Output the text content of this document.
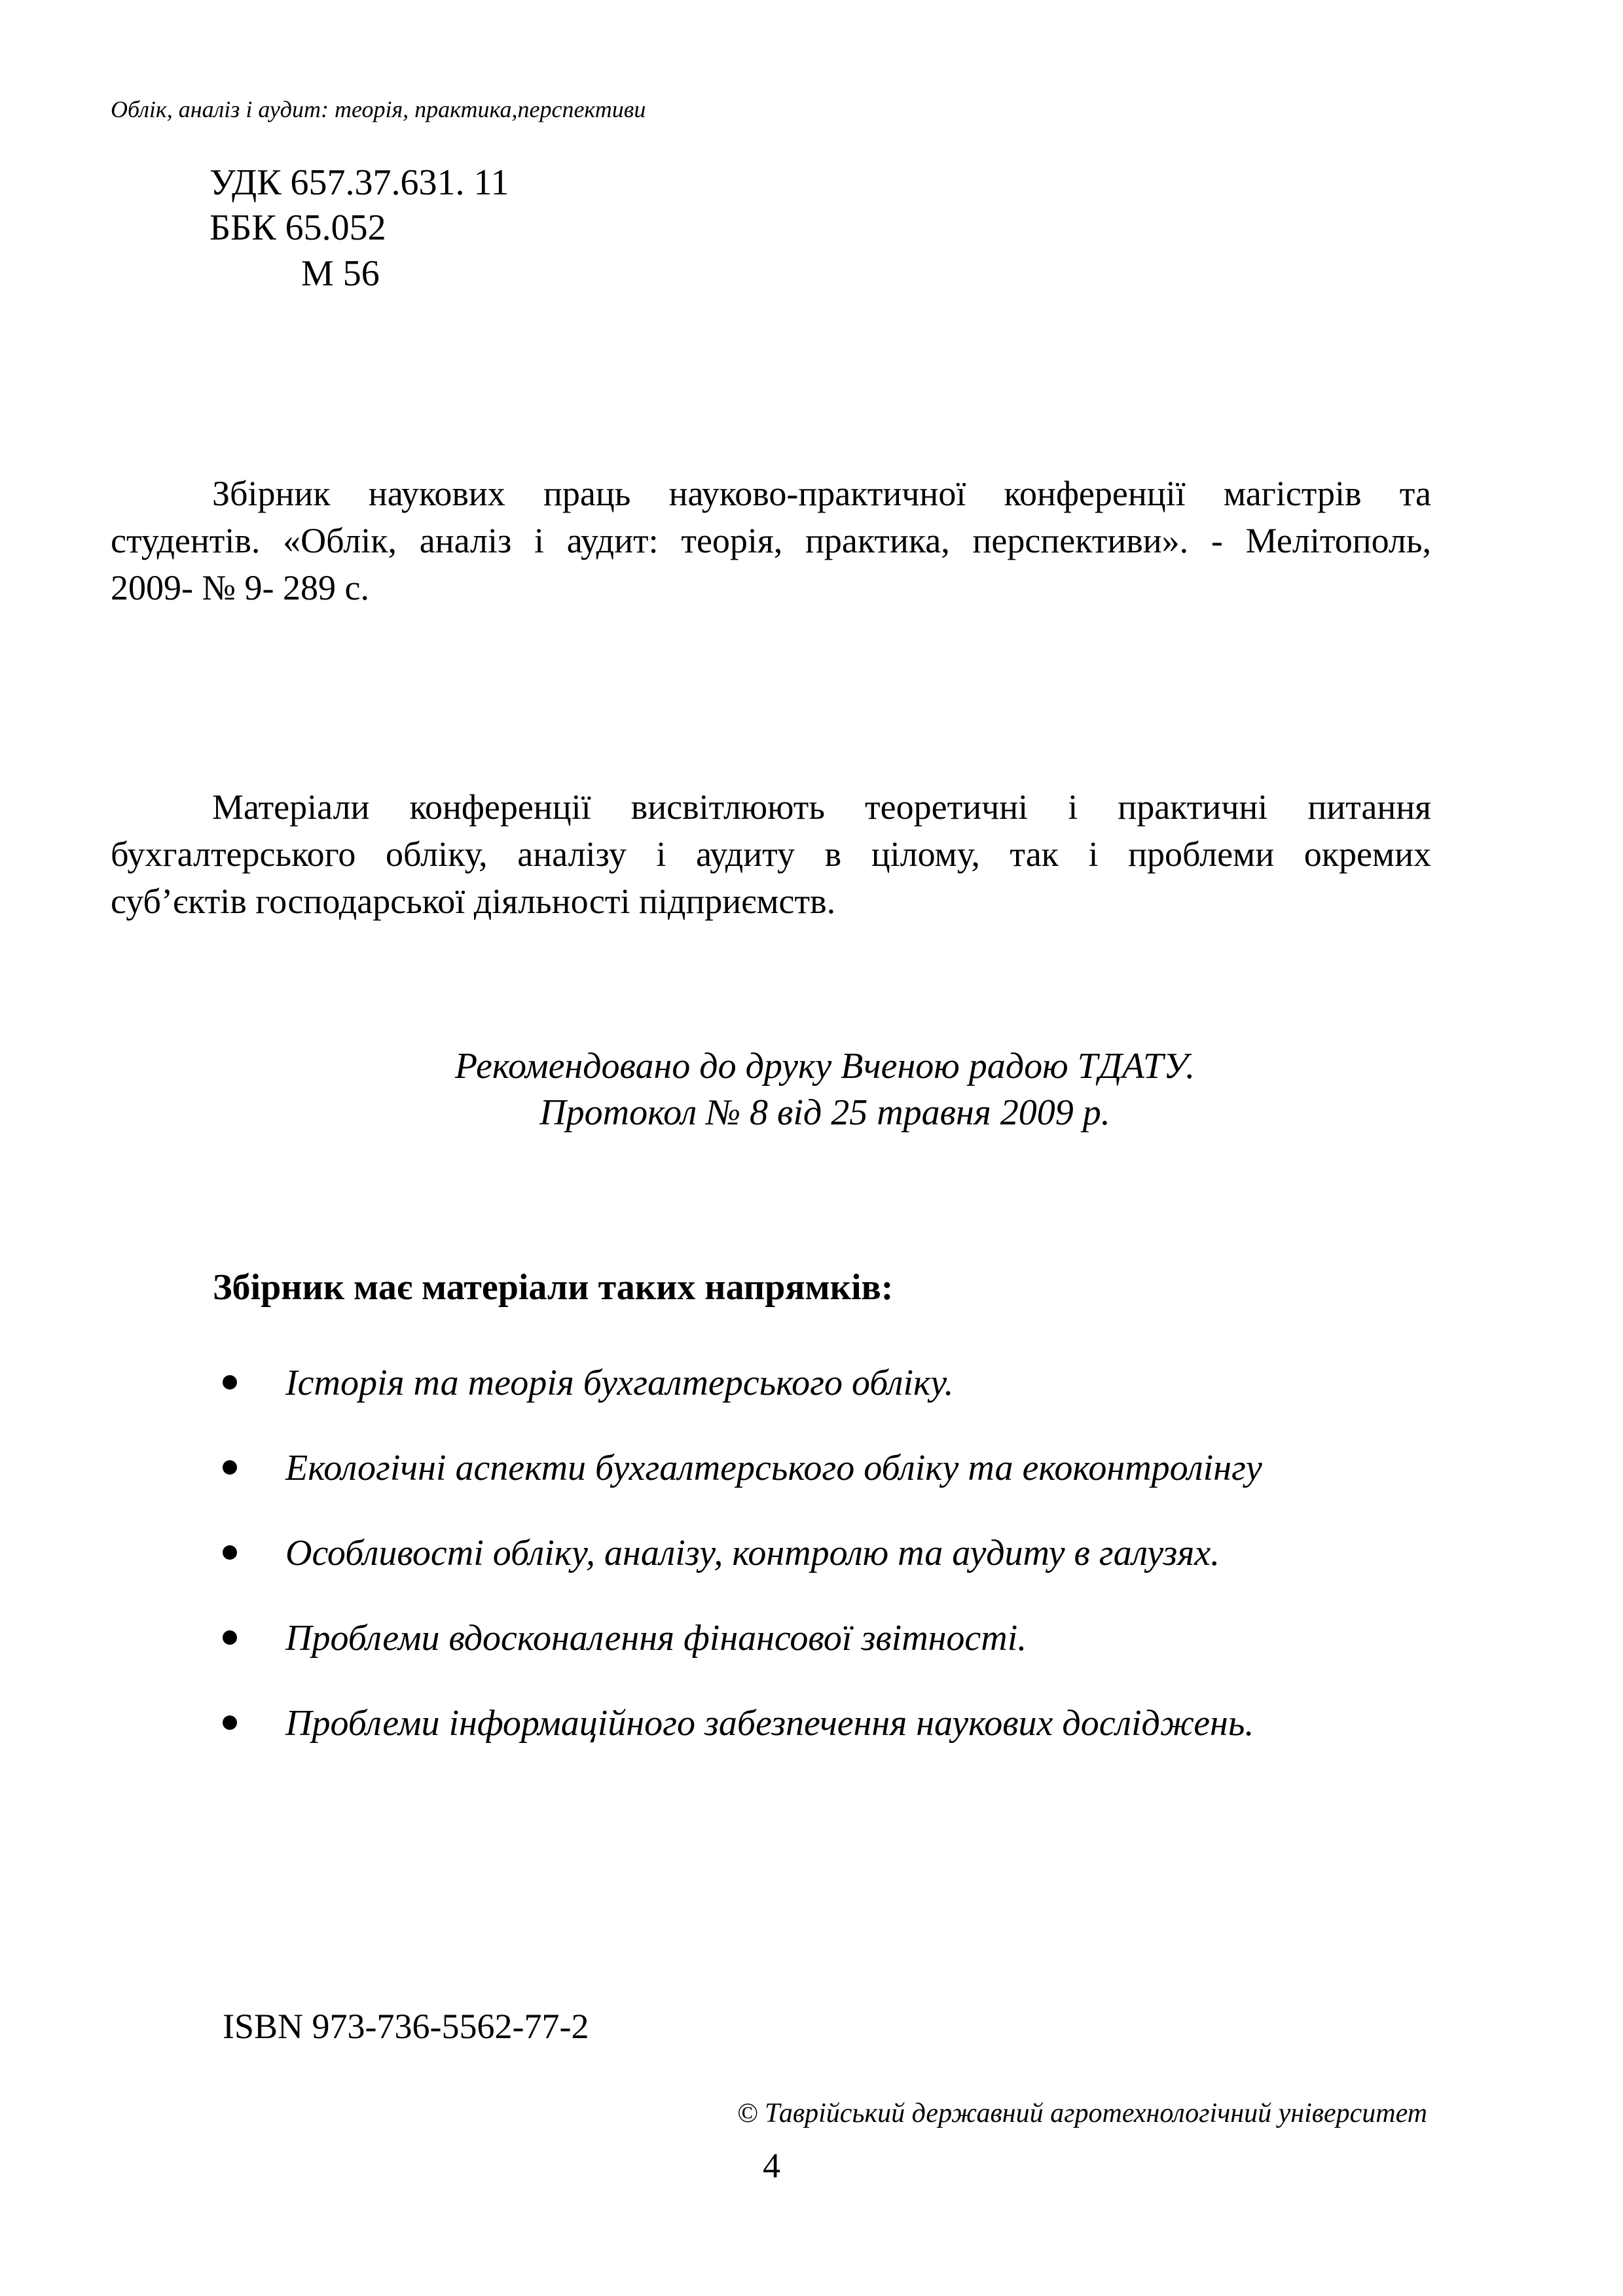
Облік, аналіз і аудит: теорія, практика,перспективи
УДК 657.37.631. 11
ББК 65.052
М 56
Збірник наукових праць науково-практичної конференції магістрів та
студентів. «Облік, аналіз і аудит: теорія, практика, перспективи». - Мелітополь,
2009- № 9- 289 с.
Матеріали конференції висвітлюють теоретичні і практичні питання
бухгалтерського обліку, аналізу і аудиту в цілому, так і проблеми окремих
суб’єктів господарської діяльності підприємств.
Рекомендовано до друку Вченою радою ТДАТУ.
Протокол № 8 від 25 травня 2009 р.
Збірник має матеріали таких напрямків:
Історія та теорія бухгалтерського обліку.
Екологічні аспекти бухгалтерського обліку та екоконтролінгу
Особливості обліку, аналізу, контролю та аудиту в галузях.
Проблеми вдосконалення фінансової звітності.
Проблеми інформаційного забезпечення наукових досліджень.
ISBN 973-736-5562-77-2
© Таврійський державний агротехнологічний університет
4
